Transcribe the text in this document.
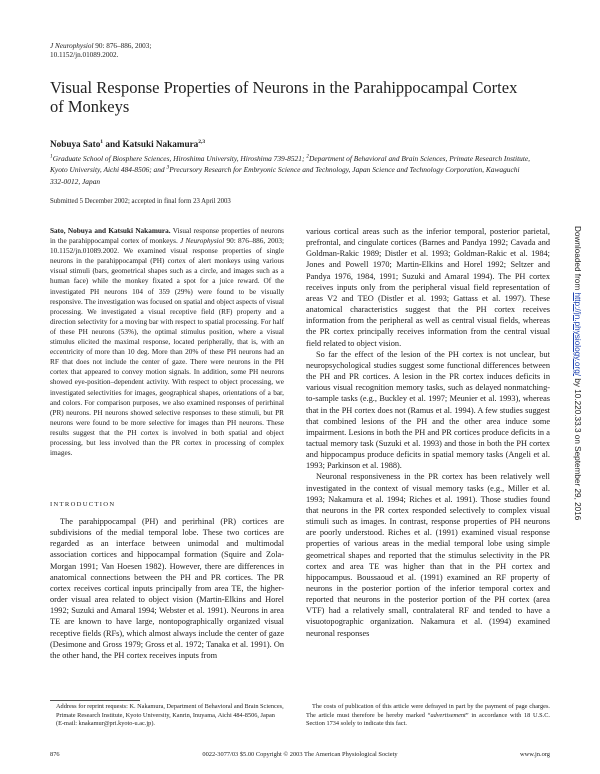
J Neurophysiol 90: 876–886, 2003;
10.1152/jn.01089.2002.
Visual Response Properties of Neurons in the Parahippocampal Cortex of Monkeys
Nobuya Sato$^1$ and Katsuki Nakamura$^{2,3}$
$^1$Graduate School of Biosphere Sciences, Hiroshima University, Hiroshima 739-8521; $^2$Department of Behavioral and Brain Sciences, Primate Research Institute, Kyoto University, Aichi 484-8506; and $^3$Precursory Research for Embryonic Science and Technology, Japan Science and Technology Corporation, Kawaguchi 332-0012, Japan
Submitted 5 December 2002; accepted in final form 23 April 2003

Sato, Nobuya and Katsuki Nakamura. Visual response properties of neurons in the parahippocampal cortex of monkeys. J Neurophysiol 90: 876–886, 2003; 10.1152/jn.01089.2002. We examined visual response properties of single neurons in the parahippocampal (PH) cortex of alert monkeys using various visual stimuli (bars, geometrical shapes such as a circle, and images such as a human face) while the monkey fixated a spot for a juice reward. Of the investigated PH neurons 104 of 359 (29%) were found to be visually responsive. The investigation was focused on spatial and object aspects of visual processing. We investigated a visual receptive field (RF) property and a direction selectivity for a moving bar with respect to spatial processing. For half of these PH neurons (53%), the optimal stimulus position, where a visual stimulus elicited the maximal response, located peripherally, that is, with an eccentricity of more than 10 deg. More than 20% of these PH neurons had an RF that does not include the center of gaze. There were neurons in the PH cortex that appeared to convey motion signals. In addition, some PH neurons showed eye-position–dependent activity. With respect to object processing, we investigated selectivities for images, geographical shapes, orientations of a bar, and colors. For comparison purposes, we also examined responses of perirhinal (PR) neurons. PH neurons showed selective responses to these stimuli, but PR neurons were found to be more selective for images than PH neurons. These results suggest that the PH cortex is involved in both spatial and object processing, but less involved than the PR cortex in processing of complex images.

INTRODUCTION

The parahippocampal (PH) and perirhinal (PR) cortices are subdivisions of the medial temporal lobe. These two cortices are regarded as an interface between unimodal and multimodal association cortices and hippocampal formation (Squire and Zola-Morgan 1991; Van Hoesen 1982). However, there are differences in anatomical connections between the PH and PR cortices. The PR cortex receives cortical inputs principally from area TE, the higher-order visual area related to object vision (Martin-Elkins and Horel 1992; Suzuki and Amaral 1994; Webster et al. 1991). Neurons in area TE are known to have large, nontopographically organized visual receptive fields (RFs), which almost always include the center of gaze (Desimone and Gross 1979; Gross et al. 1972; Tanaka et al. 1991). On the other hand, the PH cortex receives inputs from

various cortical areas such as the inferior temporal, posterior parietal, prefrontal, and cingulate cortices (Barnes and Pandya 1992; Cavada and Goldman-Rakic 1989; Distler et al. 1993; Goldman-Rakic et al. 1984; Jones and Powell 1970; Martin-Elkins and Horel 1992; Seltzer and Pandya 1976, 1984, 1991; Suzuki and Amaral 1994). The PH cortex receives inputs only from the peripheral visual field representation of areas V2 and TEO (Distler et al. 1993; Gattass et al. 1997). These anatomical characteristics suggest that the PH cortex receives information from the peripheral as well as central visual fields, whereas the PR cortex principally receives information from the central visual field related to object vision.

So far the effect of the lesion of the PH cortex is not unclear, but neuropsychological studies suggest some functional differences between the PH and PR cortices. A lesion in the PR cortex induces deficits in various visual recognition memory tasks, such as delayed nonmatching-to-sample tasks (e.g., Buckley et al. 1997; Meunier et al. 1993), whereas that in the PH cortex does not (Ramus et al. 1994). A few studies suggest that combined lesions of the PH and the other area induce some impairment. Lesions in both the PH and PR cortices produce deficits in a tactual memory task (Suzuki et al. 1993) and those in both the PH cortex and hippocampus produce deficits in spatial memory tasks (Angeli et al. 1993; Parkinson et al. 1988).

Neuronal responsiveness in the PR cortex has been relatively well investigated in the context of visual memory tasks (e.g., Miller et al. 1993; Nakamura et al. 1994; Riches et al. 1991). Those studies found that neurons in the PR cortex responded selectively to complex visual stimuli such as images. In contrast, response properties of PH neurons are poorly understood. Riches et al. (1991) examined visual response properties of various areas in the medial temporal lobe using simple geometrical shapes and reported that the stimulus selectivity in the PR cortex and area TE was higher than that in the PH cortex and hippocampus. Boussaoud et al. (1991) examined an RF property of neurons in the posterior portion of the inferior temporal cortex and reported that neurons in the posterior portion of the PH cortex (area VTF) had a relatively small, contralateral RF and tended to have a visuotopographic organization. Nakamura et al. (1994) examined neuronal responses

Address for reprint requests: K. Nakamura, Department of Behavioral and Brain Sciences, Primate Research Institute, Kyoto University, Kanrin, Inuyama, Aichi 484-8506, Japan (E-mail: knakamur@pri.kyoto-u.ac.jp).
The costs of publication of this article were defrayed in part by the payment of page charges. The article must therefore be hereby marked “advertisement” in accordance with 18 U.S.C. Section 1734 solely to indicate this fact.
876	0022-3077/03 $5.00 Copyright © 2003 The American Physiological Society	www.jn.org
Downloaded from http://jn.physiology.org/ by 10.220.33.3 on September 29, 2016
